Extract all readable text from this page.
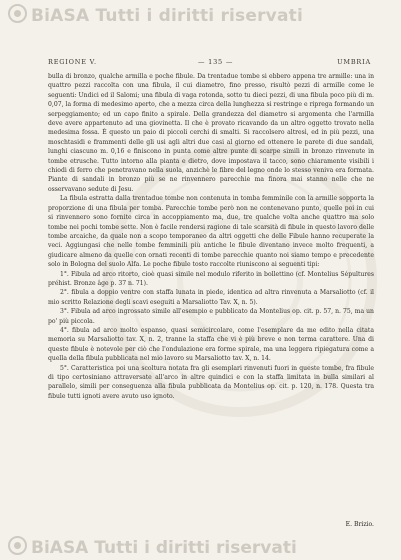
BiASA Tutti i diritti riservati
REGIONE V.	— 135 —	UMBRIA

bulla di bronzo, qualche armilla e poche fibule. Da trentadue tombe si ebbero appena tre armille: una in quattro pezzi raccolta con una fibula, il cui diametro, fino presso, risultò pezzi di armille come le seguenti: Undici ed il Salomi; una fibula di vaga rotonda, sotto tu dieci pezzi, di una fibula poco più di m. 0,07, la forma di medesimo aperto, che a mezza circa della lunghezza si restringe e riprega formando un serpeggiamento; ed un capo finito a spirale. Della grandezza del diametro si argomenta che l'armilla deve avere appartenuto ad una giovinetta. Il che è provato ricavando da un altro oggetto trovato nella medesima fossa. È questo un paio di piccoli cerchi di smalti. Si raccolsero altresì, ed in più pezzi, una moschtasidi e frammenti delle gli usi agli altri due casi al giorno ed ottenere le parete di due sandali, lunghi ciascuno m. 0,16 e finiscono in punta come altre punte di scarpe simili in bronzo rinvenute in tombe etrusche. Tutto intorno alla pianta e dietro, dove impostava il tacco, sono chiaramente visibili i chiodi di ferro che penetravano nella suola, anzichè le fibre del legno onde lo stesso veniva era formata. Piante di sandali in bronzo più se ne rinvennero parecchie ma finora mai stanno nelle che ne osservavano sedute di Jesu.

La fibula estratta dalla trentadue tombe non contenuta in tomba femminile con la armille sopporta la proporzione di una fibula per tomba. Parecchie tombe però non ne contenevano punto, quelle poi in cui si rinvennero sono fornite circa in accoppiamento ma, due, tre qualche volta anche quattro ma solo tombe nei pochi tombe sette. Non è facile rendersi ragione di tale scarsità di fibule in questo lavoro delle tombe arcaiche, da quale non a scopo temporaneo da altri oggetti che delle Fibule hanno recuperate la veci. Aggiungasi che nelle tombe femminili più antiche le fibule diventano invece molto frequenti, a giudicare almeno da quelle con ornati recenti di tombe parecchie quanto noi siamo tempo e precedente solo in Bologna del suolo Alfa. Le poche fibule tosto raccolte riuniscono ai seguenti tipi:

1°. Fibula ad arco ritorto, cioè quasi simile nel modulo riferito in bollettino (cf. Montelius Sépultures préhist. Bronze âge p. 37 n. 71).

2°. fibula a doppio ventre con staffa lunata in piede, identica ad altra rinvenuta a Marsaliotto (cf. il mio scritto Relazione degli scavi eseguiti a Marsaliotto Tav. X, n. 5).

3°. Fibula ad arco ingrossato simile all'esempio e pubblicato da Montelius op. cit. p. 57, n. 75, ma un po' più piccola.

4°. fibula ad arco molto espanso, quasi semicircolare, come l'esemplare da me edito nella citata memoria su Marsaliotto tav. X, n. 2, tranne la staffa che vi è più breve e non terma carattere. Una di queste fibule è notevole per ciò che l'ondulazione era forme spirale, ma una leggera ripiegatura come a quella della fibula pubblicata nel mio lavoro su Marsaliotto tav. X, n. 14.

5°. Caratteristica poi una scoltura notata fra gli esemplari rinvenuti fuori in queste tombe, fra fibule di tipo certosiniano attraversate all'arco in altre quindici e con la staffa limitata in bulla similari al parallelo, simili per conseguenza alla fibula pubblicata da Montelius op. cit. p. 120, n. 178. Questa tra fibule tutti ignoti avere avuto uso ignoto.

E. Brizio.
BiASA Tutti i diritti riservati
